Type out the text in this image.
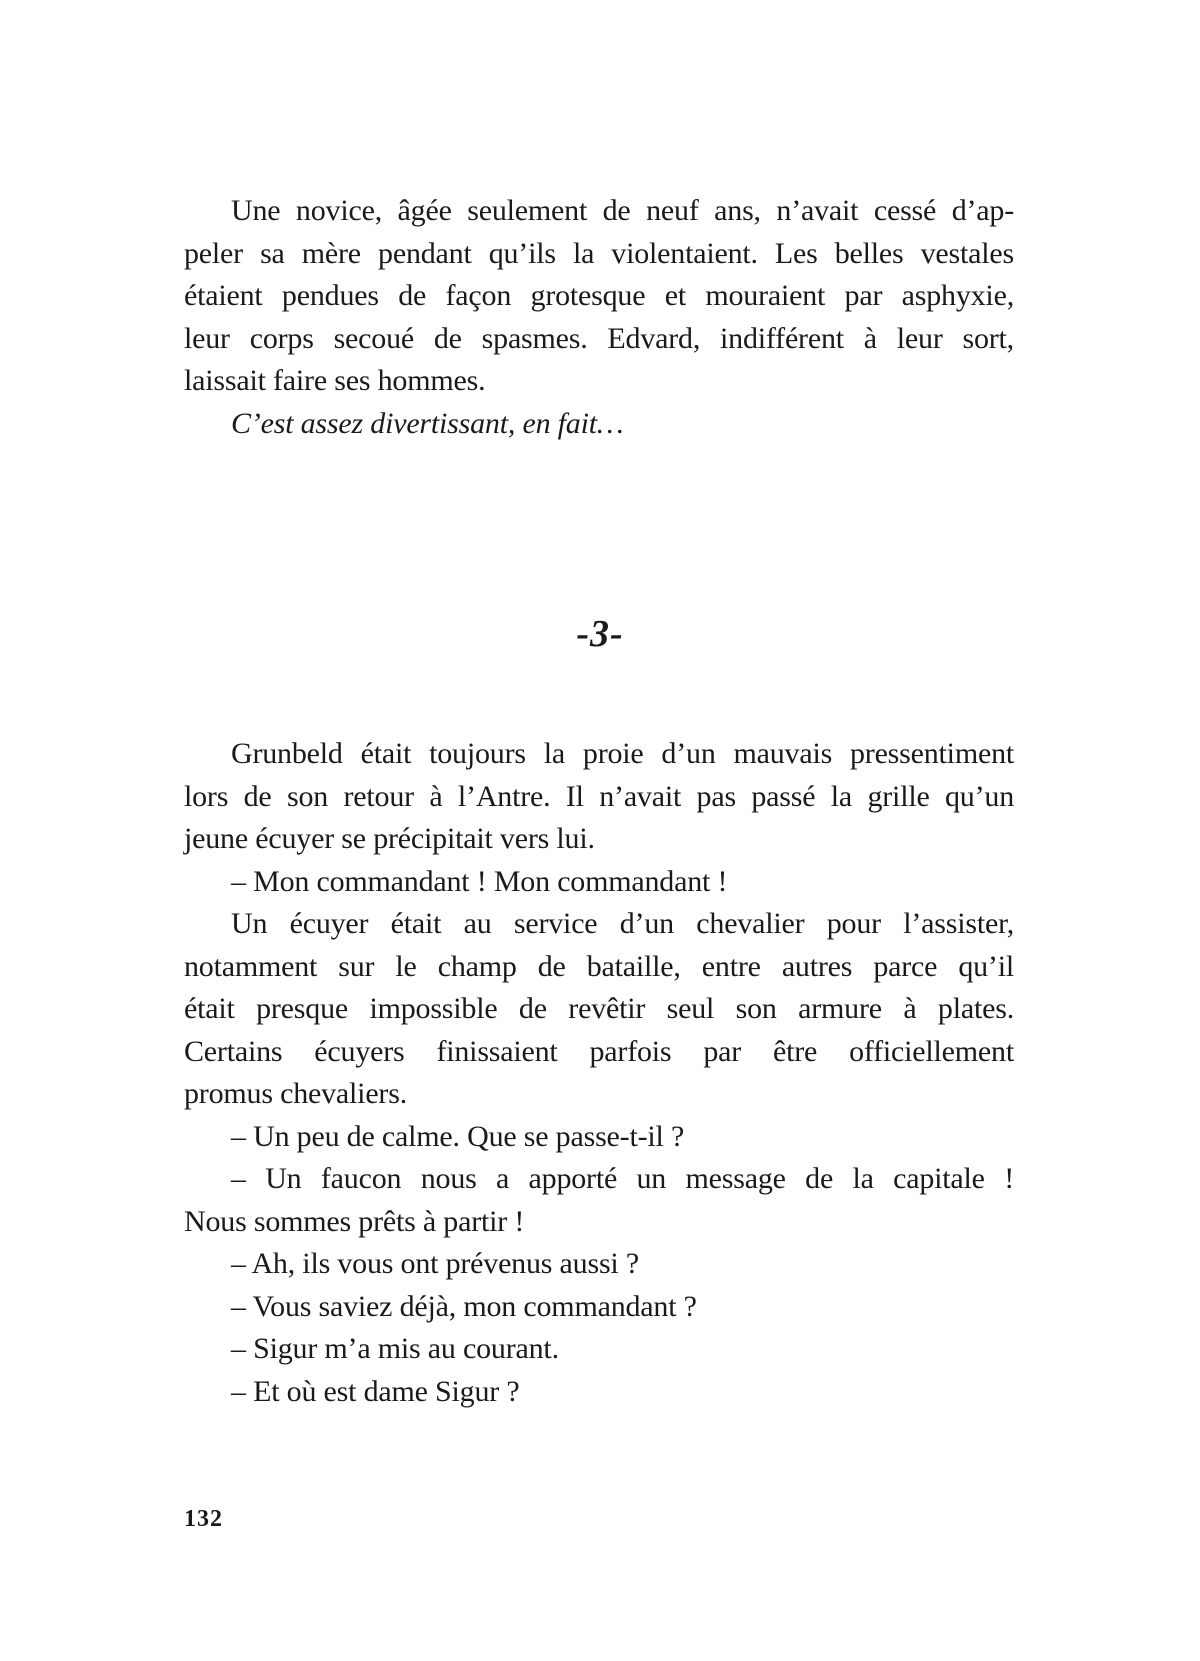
Une novice, âgée seulement de neuf ans, n’avait cessé d’ap-
peler sa mère pendant qu’ils la violentaient. Les belles vestales
étaient pendues de façon grotesque et mouraient par asphyxie,
leur corps secoué de spasmes. Edvard, indifférent à leur sort,
laissait faire ses hommes.
C’est assez divertissant, en fait…
-3-
Grunbeld était toujours la proie d’un mauvais pressentiment
lors de son retour à l’Antre. Il n’avait pas passé la grille qu’un
jeune écuyer se précipitait vers lui.
– Mon commandant ! Mon commandant !
Un écuyer était au service d’un chevalier pour l’assister,
notamment sur le champ de bataille, entre autres parce qu’il
était presque impossible de revêtir seul son armure à plates.
Certains écuyers finissaient parfois par être officiellement
promus chevaliers.
– Un peu de calme. Que se passe-t-il ?
– Un faucon nous a apporté un message de la capitale !
Nous sommes prêts à partir !
– Ah, ils vous ont prévenus aussi ?
– Vous saviez déjà, mon commandant ?
– Sigur m’a mis au courant.
– Et où est dame Sigur ?
132
